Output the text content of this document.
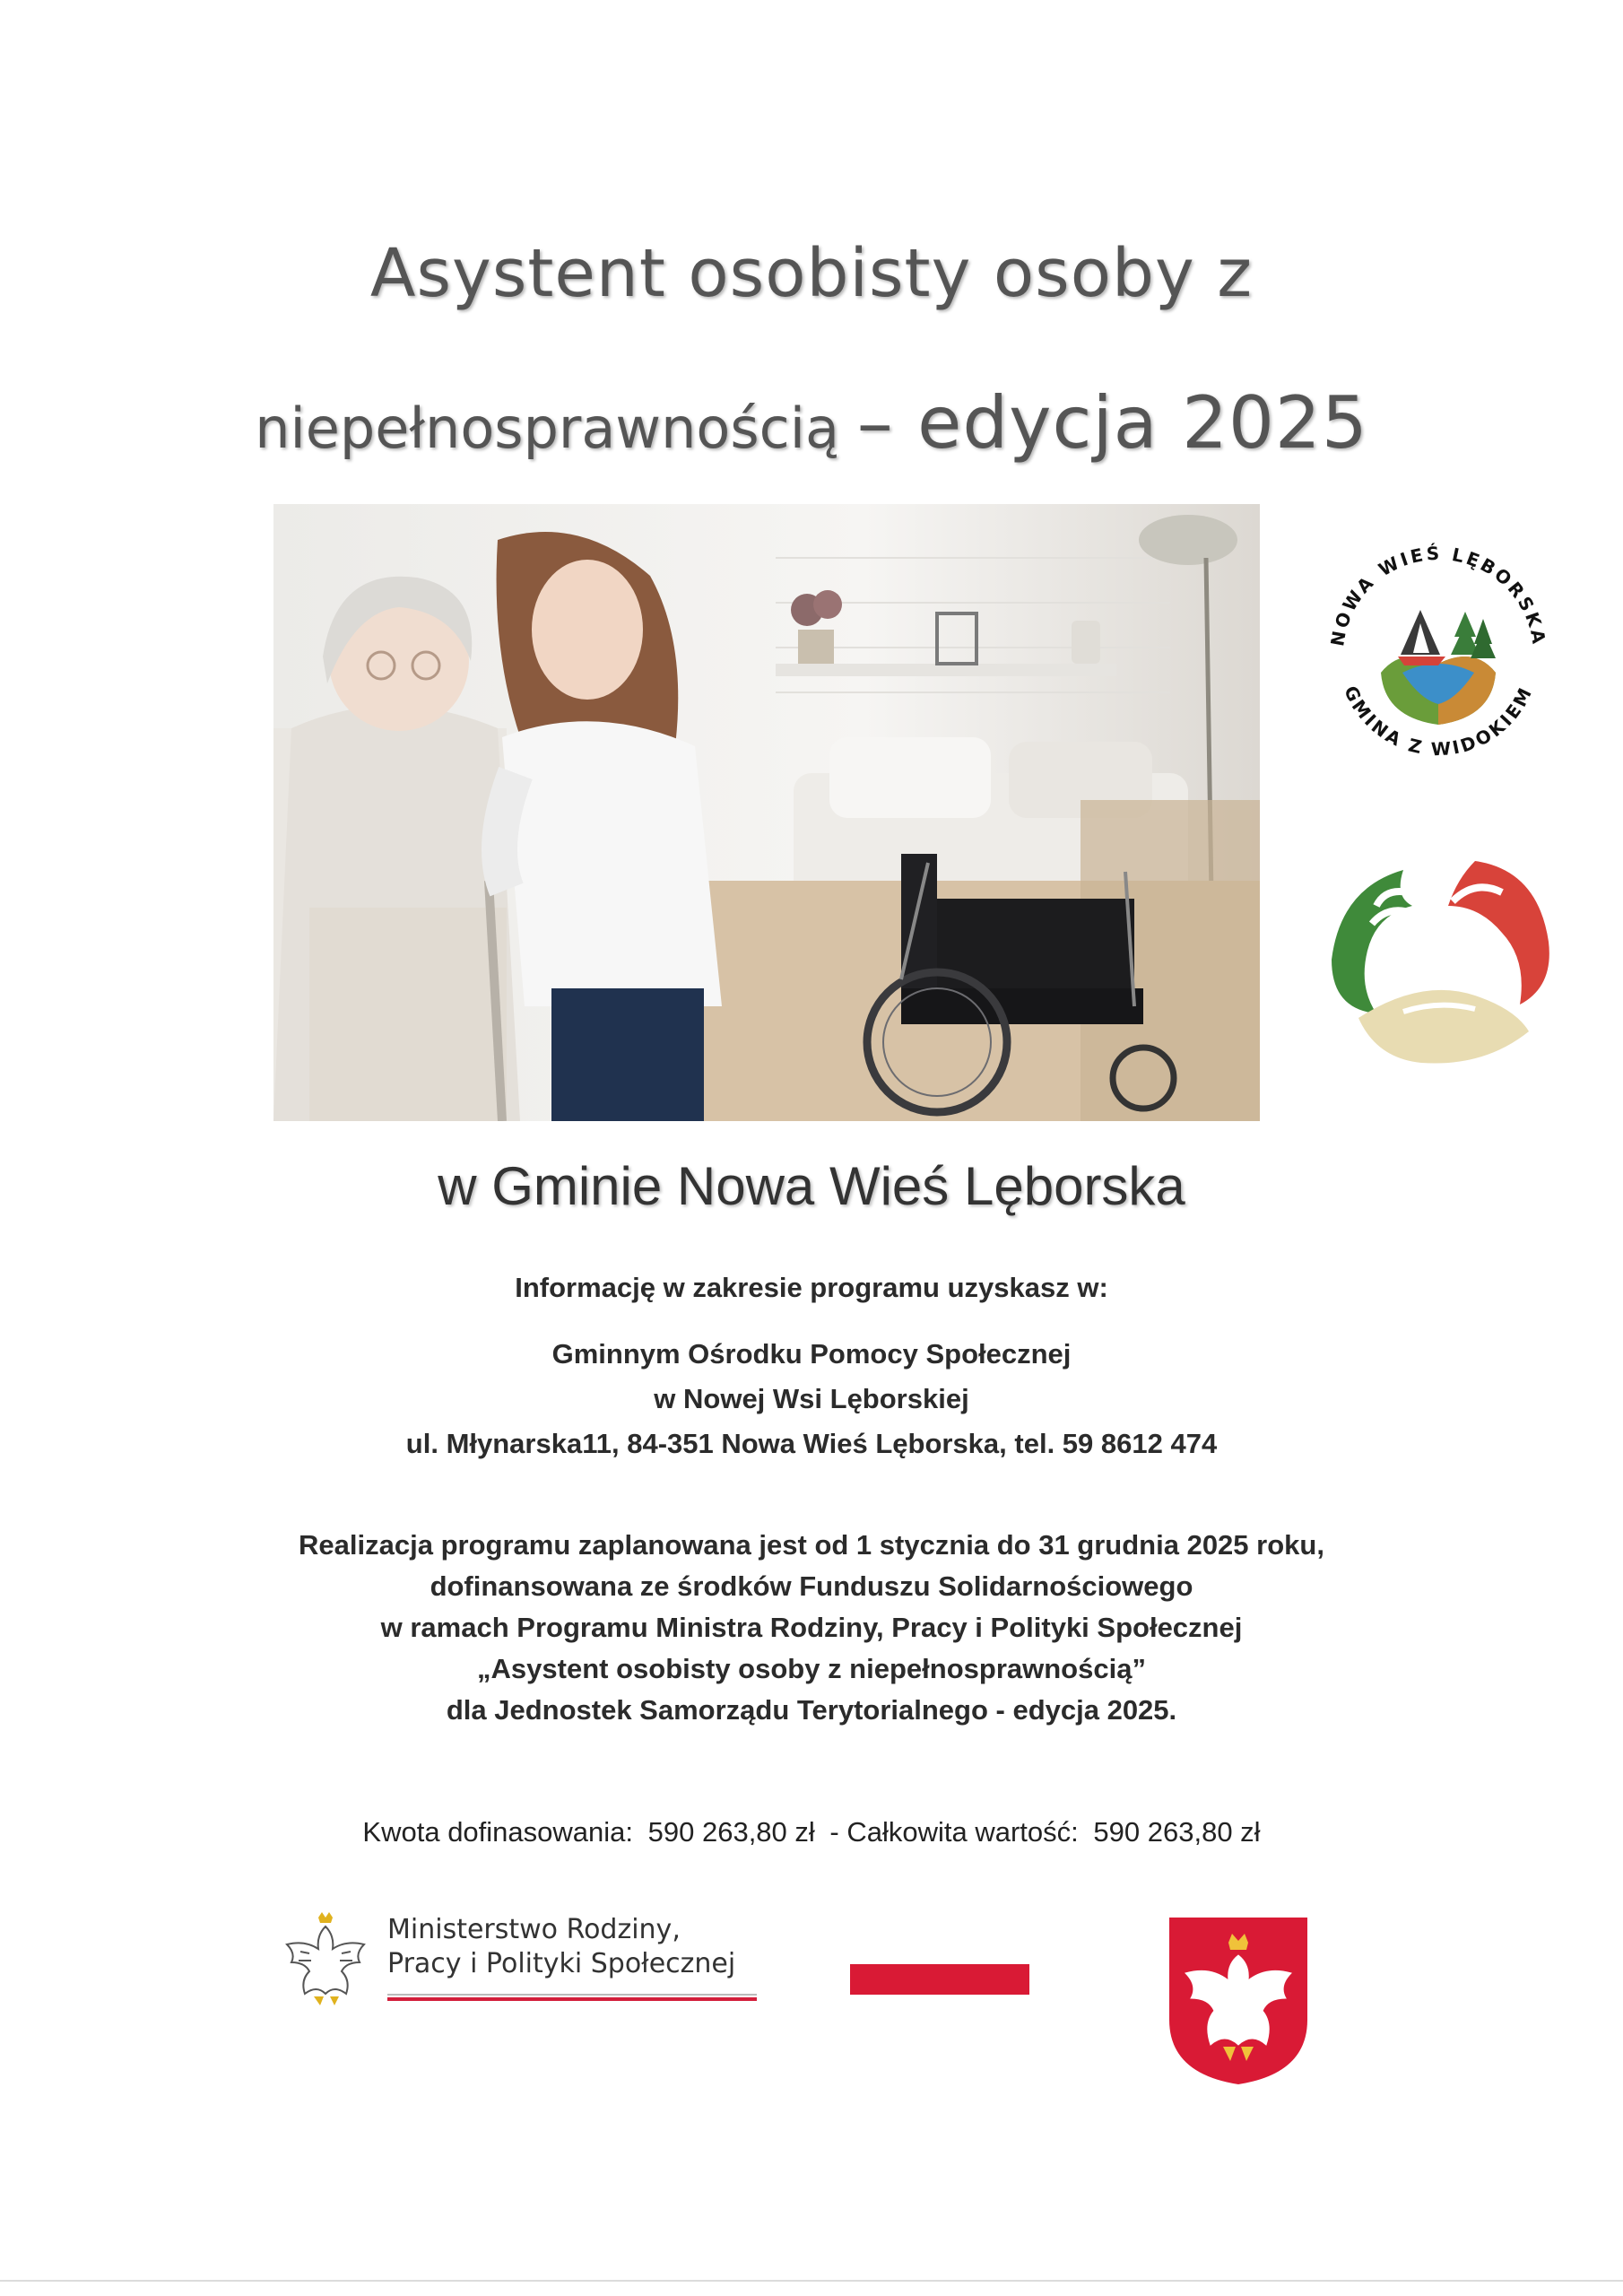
Asystent osobisty osoby z
niepełnosprawnością – edycja 2025
NOWA WIEŚ LĘBORSKA
GMINA Z WIDOKIEM
w Gminie Nowa Wieś Lęborska
Informację w zakresie programu uzyskasz w:
Gminnym Ośrodku Pomocy Społecznej
w Nowej Wsi Lęborskiej
ul. Młynarska11, 84-351 Nowa Wieś Lęborska, tel. 59 8612 474
Realizacja programu zaplanowana jest od 1 stycznia do 31 grudnia 2025 roku,
dofinansowana ze środków Funduszu Solidarnościowego
w ramach Programu Ministra Rodziny, Pracy i Polityki Społecznej
„Asystent osobisty osoby z niepełnosprawnością”
dla Jednostek Samorządu Terytorialnego - edycja 2025.
Kwota dofinasowania: 590 263,80 zł - Całkowita wartość: 590 263,80 zł
Ministerstwo Rodziny,
Pracy i Polityki Społecznej
